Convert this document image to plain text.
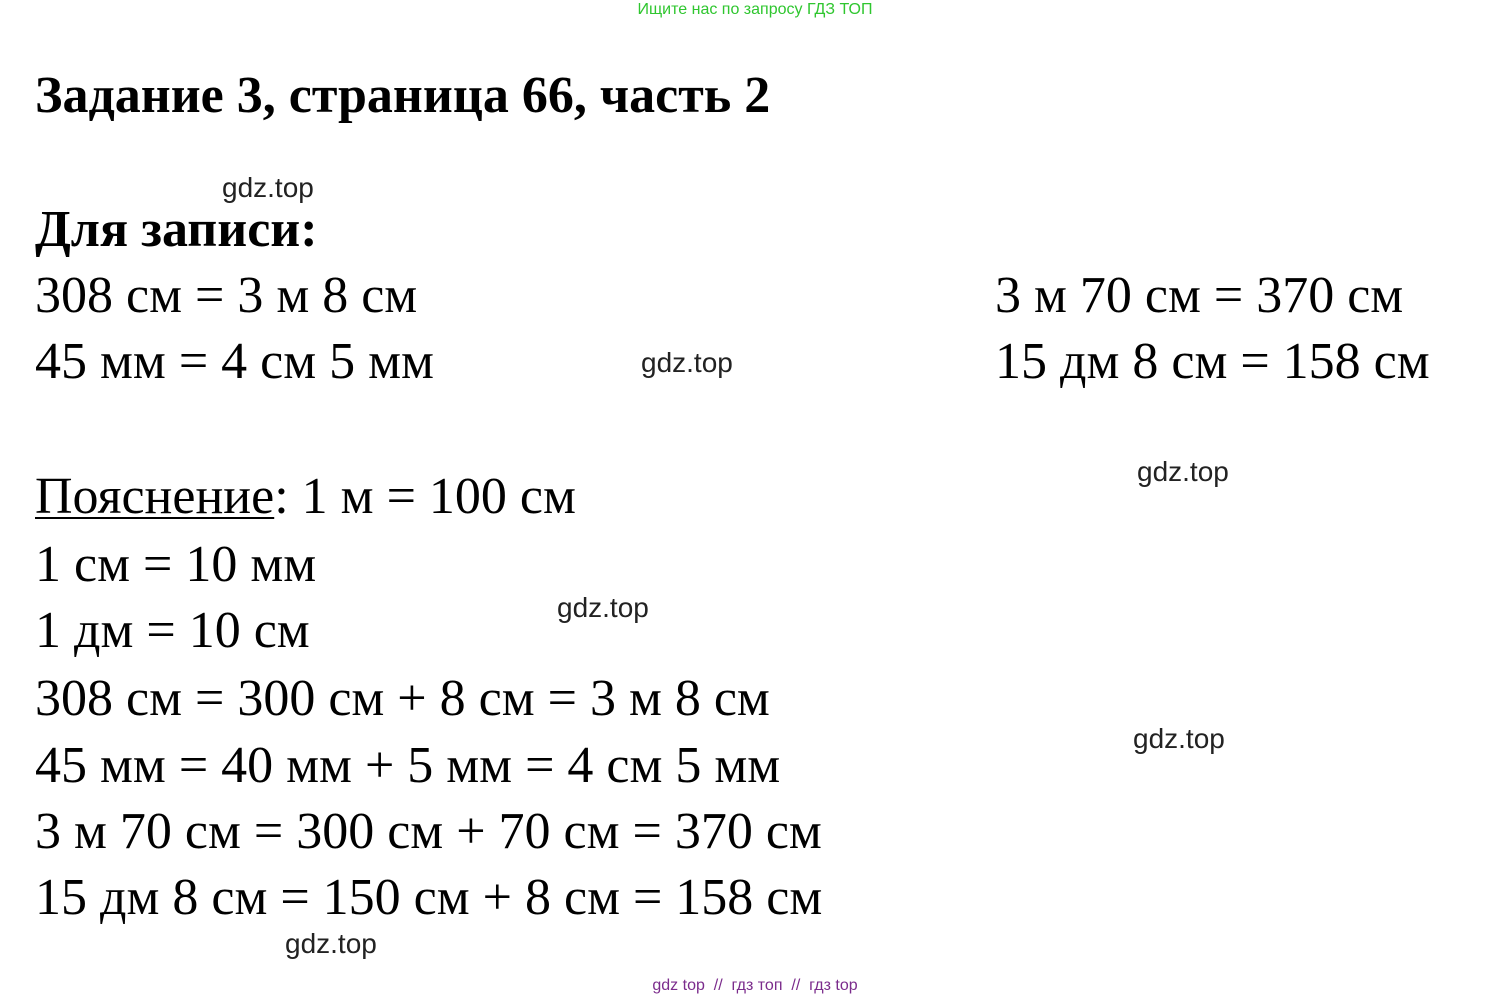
Ищите нас по запросу ГДЗ ТОП
Задание 3, страница 66, часть 2
gdz.top
Для записи:
308 см = 3 м 8 см
45 мм = 4 см 5 мм
3 м 70 см = 370 см
15 дм 8 см = 158 см
gdz.top
gdz.top
Пояснение: 1 м = 100 см
1 см = 10 мм
1 дм = 10 см	gdz.top
308 см = 300 см + 8 см = 3 м 8 см
45 мм = 40 мм + 5 мм = 4 см 5 мм	gdz.top
3 м 70 см = 300 см + 70 см = 370 см
15 дм 8 см = 150 см + 8 см = 158 см
gdz.top
gdz top  //  гдз топ  //  гдз top
